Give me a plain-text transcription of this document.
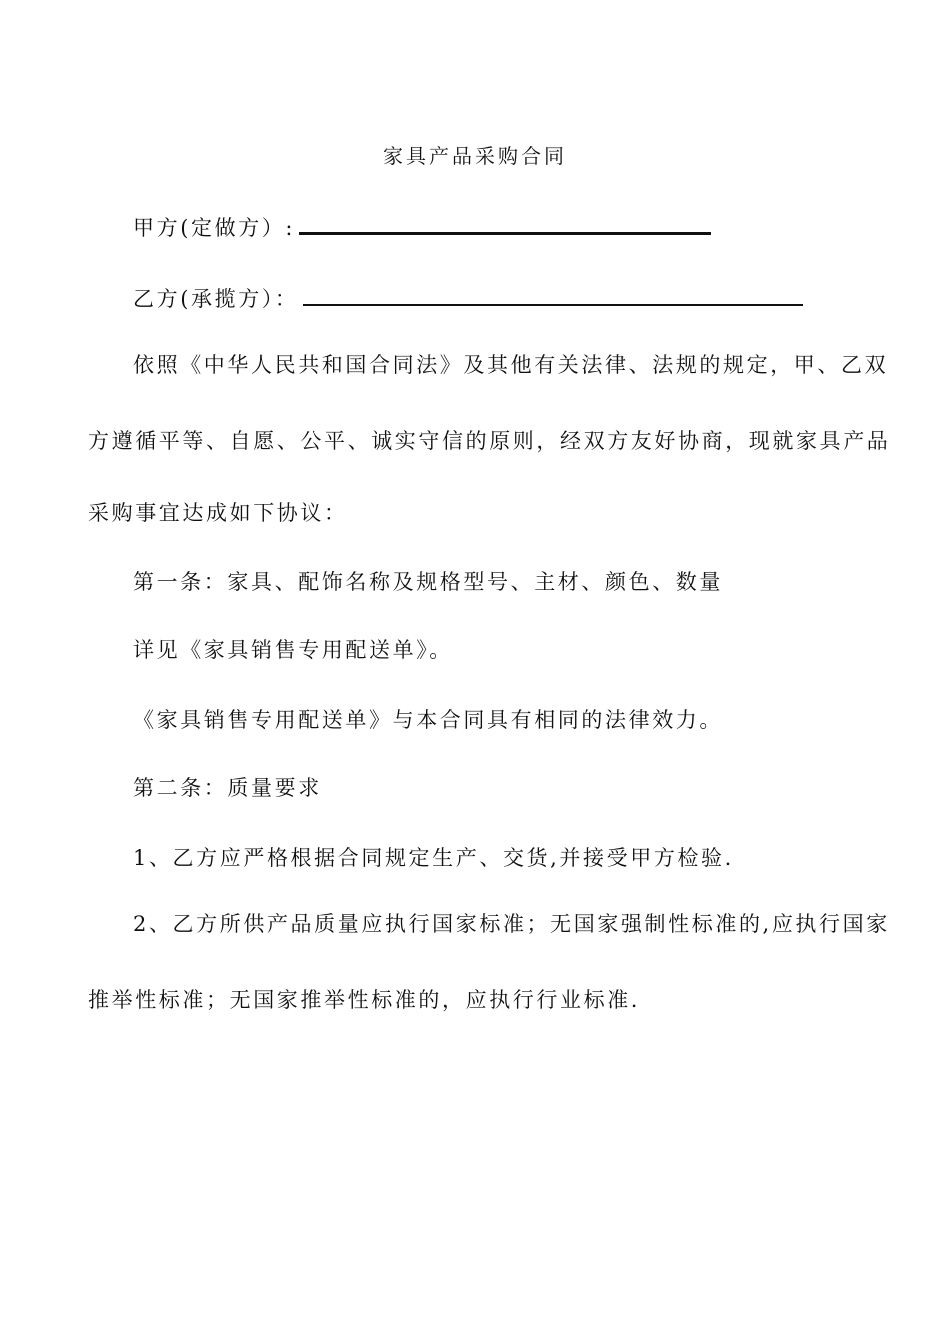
家具产品采购合同
甲方(定做方）:
乙方(承揽方）：
依照《中华人民共和国合同法》及其他有关法律、法规的规定，甲、乙双
方遵循平等、自愿、公平、诚实守信的原则，经双方友好协商，现就家具产品
采购事宜达成如下协议：
第一条：家具、配饰名称及规格型号、主材、颜色、数量
详见《家具销售专用配送单》。
《家具销售专用配送单》与本合同具有相同的法律效力。
第二条：质量要求
1、乙方应严格根据合同规定生产、交货,并接受甲方检验.
2、乙方所供产品质量应执行国家标准；无国家强制性标准的,应执行国家
推举性标准；无国家推举性标准的，应执行行业标准.
